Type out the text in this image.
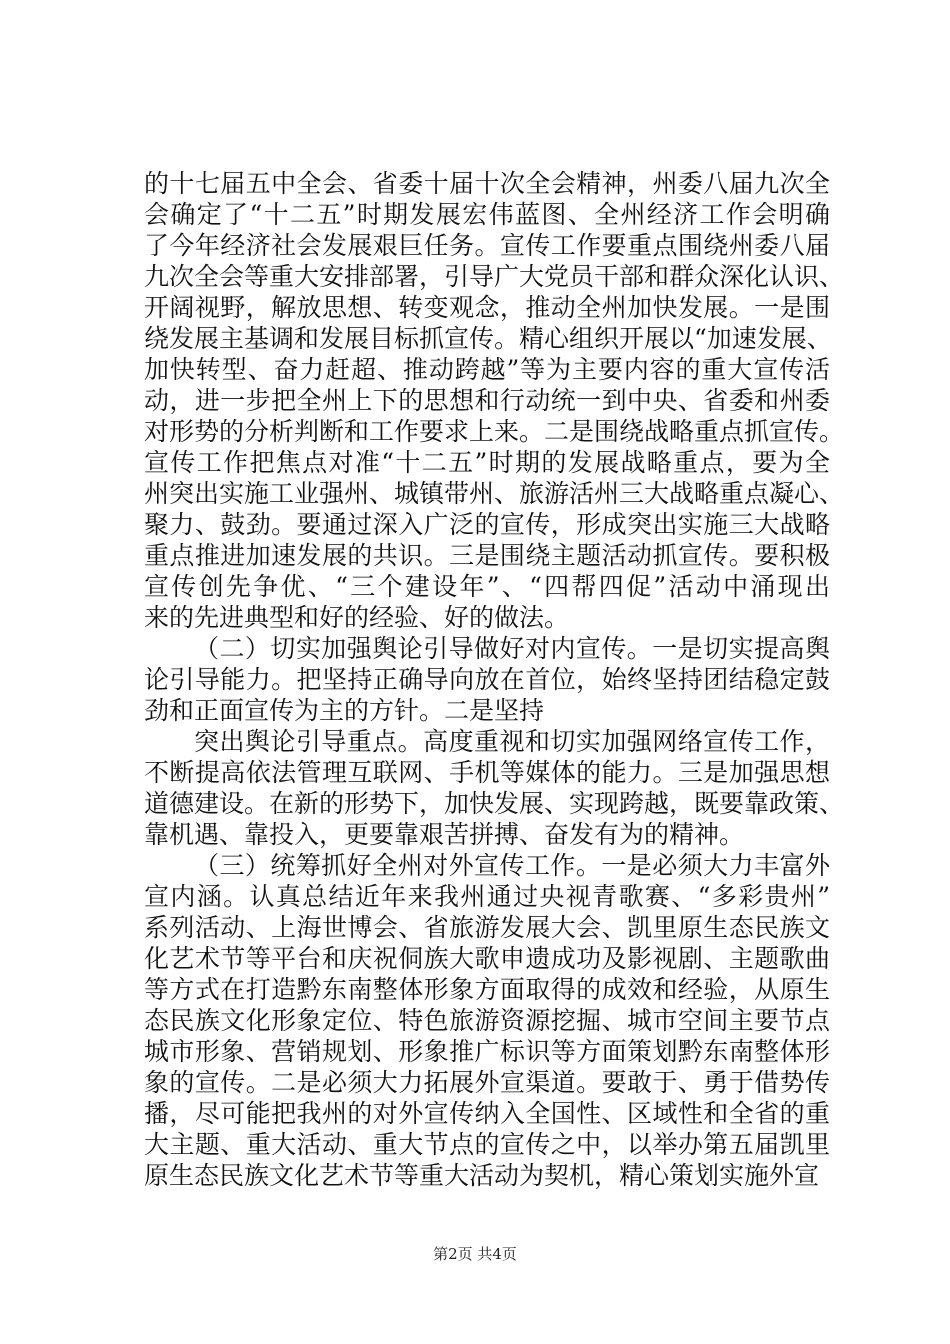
的十七届五中全会、省委十届十次全会精神，州委八届九次全
会确定了“十二五”时期发展宏伟蓝图、全州经济工作会明确
了今年经济社会发展艰巨任务。宣传工作要重点围绕州委八届
九次全会等重大安排部署，引导广大党员干部和群众深化认识、
开阔视野，解放思想、转变观念，推动全州加快发展。一是围
绕发展主基调和发展目标抓宣传。精心组织开展以“加速发展、
加快转型、奋力赶超、推动跨越”等为主要内容的重大宣传活
动，进一步把全州上下的思想和行动统一到中央、省委和州委
对形势的分析判断和工作要求上来。二是围绕战略重点抓宣传。
宣传工作把焦点对准“十二五”时期的发展战略重点，要为全
州突出实施工业强州、城镇带州、旅游活州三大战略重点凝心、
聚力、鼓劲。要通过深入广泛的宣传，形成突出实施三大战略
重点推进加速发展的共识。三是围绕主题活动抓宣传。要积极
宣传创先争优、“三个建设年”、“四帮四促”活动中涌现出
来的先进典型和好的经验、好的做法。
（二）切实加强舆论引导做好对内宣传。一是切实提高舆
论引导能力。把坚持正确导向放在首位，始终坚持团结稳定鼓
劲和正面宣传为主的方针。二是坚持
突出舆论引导重点。高度重视和切实加强网络宣传工作，
不断提高依法管理互联网、手机等媒体的能力。三是加强思想
道德建设。在新的形势下，加快发展、实现跨越，既要靠政策、
靠机遇、靠投入，更要靠艰苦拼搏、奋发有为的精神。
（三）统筹抓好全州对外宣传工作。一是必须大力丰富外
宣内涵。认真总结近年来我州通过央视青歌赛、“多彩贵州”
系列活动、上海世博会、省旅游发展大会、凯里原生态民族文
化艺术节等平台和庆祝侗族大歌申遗成功及影视剧、主题歌曲
等方式在打造黔东南整体形象方面取得的成效和经验，从原生
态民族文化形象定位、特色旅游资源挖掘、城市空间主要节点
城市形象、营销规划、形象推广标识等方面策划黔东南整体形
象的宣传。二是必须大力拓展外宣渠道。要敢于、勇于借势传
播，尽可能把我州的对外宣传纳入全国性、区域性和全省的重
大主题、重大活动、重大节点的宣传之中，以举办第五届凯里
原生态民族文化艺术节等重大活动为契机，精心策划实施外宣
第2页 共4页
